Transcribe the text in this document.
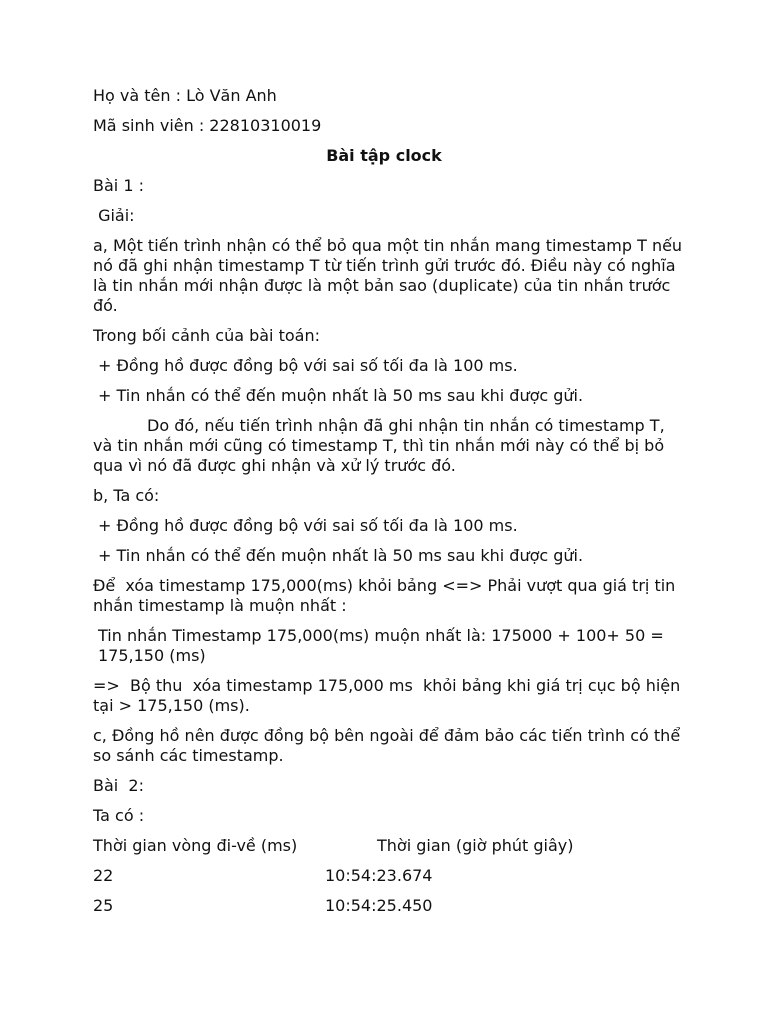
Họ và tên : Lò Văn Anh
Mã sinh viên : 22810310019
Bài tập clock
Bài 1 :
Giải:
a, Một tiến trình nhận có thể bỏ qua một tin nhắn mang timestamp T nếu nó đã ghi nhận timestamp T từ tiến trình gửi trước đó. Điều này có nghĩa là tin nhắn mới nhận được là một bản sao (duplicate) của tin nhắn trước đó.
Trong bối cảnh của bài toán:
+ Đồng hồ được đồng bộ với sai số tối đa là 100 ms.
+ Tin nhắn có thể đến muộn nhất là 50 ms sau khi được gửi.
Do đó, nếu tiến trình nhận đã ghi nhận tin nhắn có timestamp T, và tin nhắn mới cũng có timestamp T, thì tin nhắn mới này có thể bị bỏ qua vì nó đã được ghi nhận và xử lý trước đó.
b, Ta có:
+ Đồng hồ được đồng bộ với sai số tối đa là 100 ms.
+ Tin nhắn có thể đến muộn nhất là 50 ms sau khi được gửi.
Để  xóa timestamp 175,000(ms) khỏi bảng <=> Phải vượt qua giá trị tin nhắn timestamp là muộn nhất :
Tin nhắn Timestamp 175,000(ms) muộn nhất là: 175000 + 100+ 50 = 175,150 (ms)
=>  Bộ thu  xóa timestamp 175,000 ms  khỏi bảng khi giá trị cục bộ hiện tại > 175,150 (ms).
c, Đồng hồ nên được đồng bộ bên ngoài để đảm bảo các tiến trình có thể so sánh các timestamp.
Bài  2:
Ta có :
Thời gian vòng đi-về (ms)	Thời gian (giờ phút giây)
22	10:54:23.674
25	10:54:25.450
